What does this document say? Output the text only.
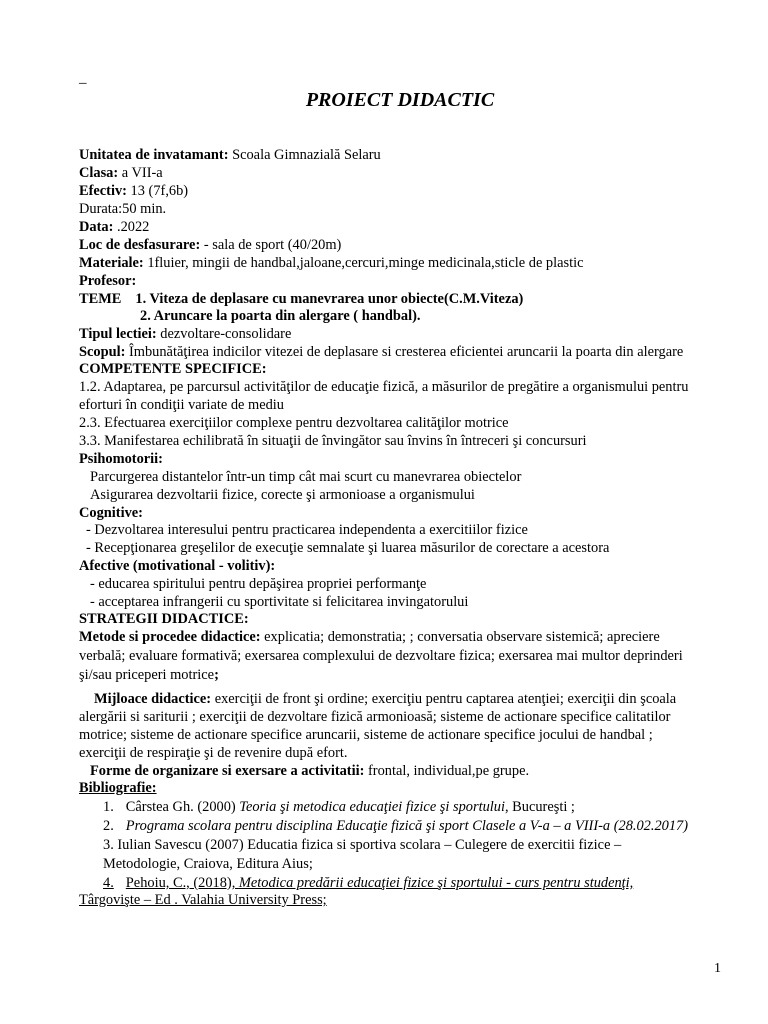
_
PROIECT DIDACTIC
Unitatea de invatamant: Scoala Gimnazială Selaru
Clasa: a VII-a
Efectiv: 13 (7f,6b)
Durata:50 min.
Data: .2022
Loc de desfasurare: - sala de sport (40/20m)
Materiale: 1fluier, mingii de handbal,jaloane,cercuri,minge medicinala,sticle de plastic
Profesor:
TEME 1. Viteza de deplasare cu manevrarea unor obiecte(C.M.Viteza)
2. Aruncare la poarta din alergare ( handbal).
Tipul lectiei: dezvoltare-consolidare
Scopul: Îmbunătăţirea indicilor vitezei de deplasare si cresterea eficientei aruncarii la poarta din alergare
COMPETENTE SPECIFICE:
1.2. Adaptarea, pe parcursul activităţilor de educaţie fizică, a măsurilor de pregătire a organismului pentru
eforturi în condiţii variate de mediu
2.3. Efectuarea exerciţiilor complexe pentru dezvoltarea calităţilor motrice
3.3. Manifestarea echilibrată în situaţii de învingător sau învins în întreceri şi concursuri
Psihomotorii:
Parcurgerea distantelor într-un timp cât mai scurt cu manevrarea obiectelor
Asigurarea dezvoltarii fizice, corecte şi armonioase a organismului
Cognitive:
- Dezvoltarea interesului pentru practicarea independenta a exercitiilor fizice
- Recepţionarea greşelilor de execuţie semnalate şi luarea măsurilor de corectare a acestora
Afective (motivational - volitiv):
- educarea spiritului pentru depăşirea propriei performanţe
- acceptarea infrangerii cu sportivitate si felicitarea invingatorului
STRATEGII DIDACTICE:
Metode si procedee didactice: explicatia; demonstratia; ; conversatia observare sistemică; apreciere
verbală; evaluare formativă; exersarea complexului de dezvoltare fizica; exersarea mai multor deprinderi
şi/sau priceperi motrice;
Mijloace didactice: exerciţii de front şi ordine; exerciţiu pentru captarea atenţiei; exerciţii din şcoala
alergării si sariturii ; exerciţii de dezvoltare fizică armonioasă; sisteme de actionare specifice calitatilor
motrice; sisteme de actionare specifice aruncarii, sisteme de actionare specifice jocului de handbal ;
exerciţii de respiraţie şi de revenire după efort.
Forme de organizare si exersare a activitatii: frontal, individual,pe grupe.
Bibliografie:
1. Cârstea Gh. (2000) Teoria şi metodica educaţiei fizice şi sportului, Bucureşti ;
2. Programa scolara pentru disciplina Educaţie fizică şi sport Clasele a V-a – a VIII-a (28.02.2017)
3. Iulian Savescu (2007) Educatia fizica si sportiva scolara – Culegere de exercitii fizice –
Metodologie, Craiova, Editura Aius;
4. Pehoiu, C., (2018), Metodica predării educaţiei fizice şi sportului - curs pentru studenţi,
Târgovişte – Ed . Valahia University Press;
1
